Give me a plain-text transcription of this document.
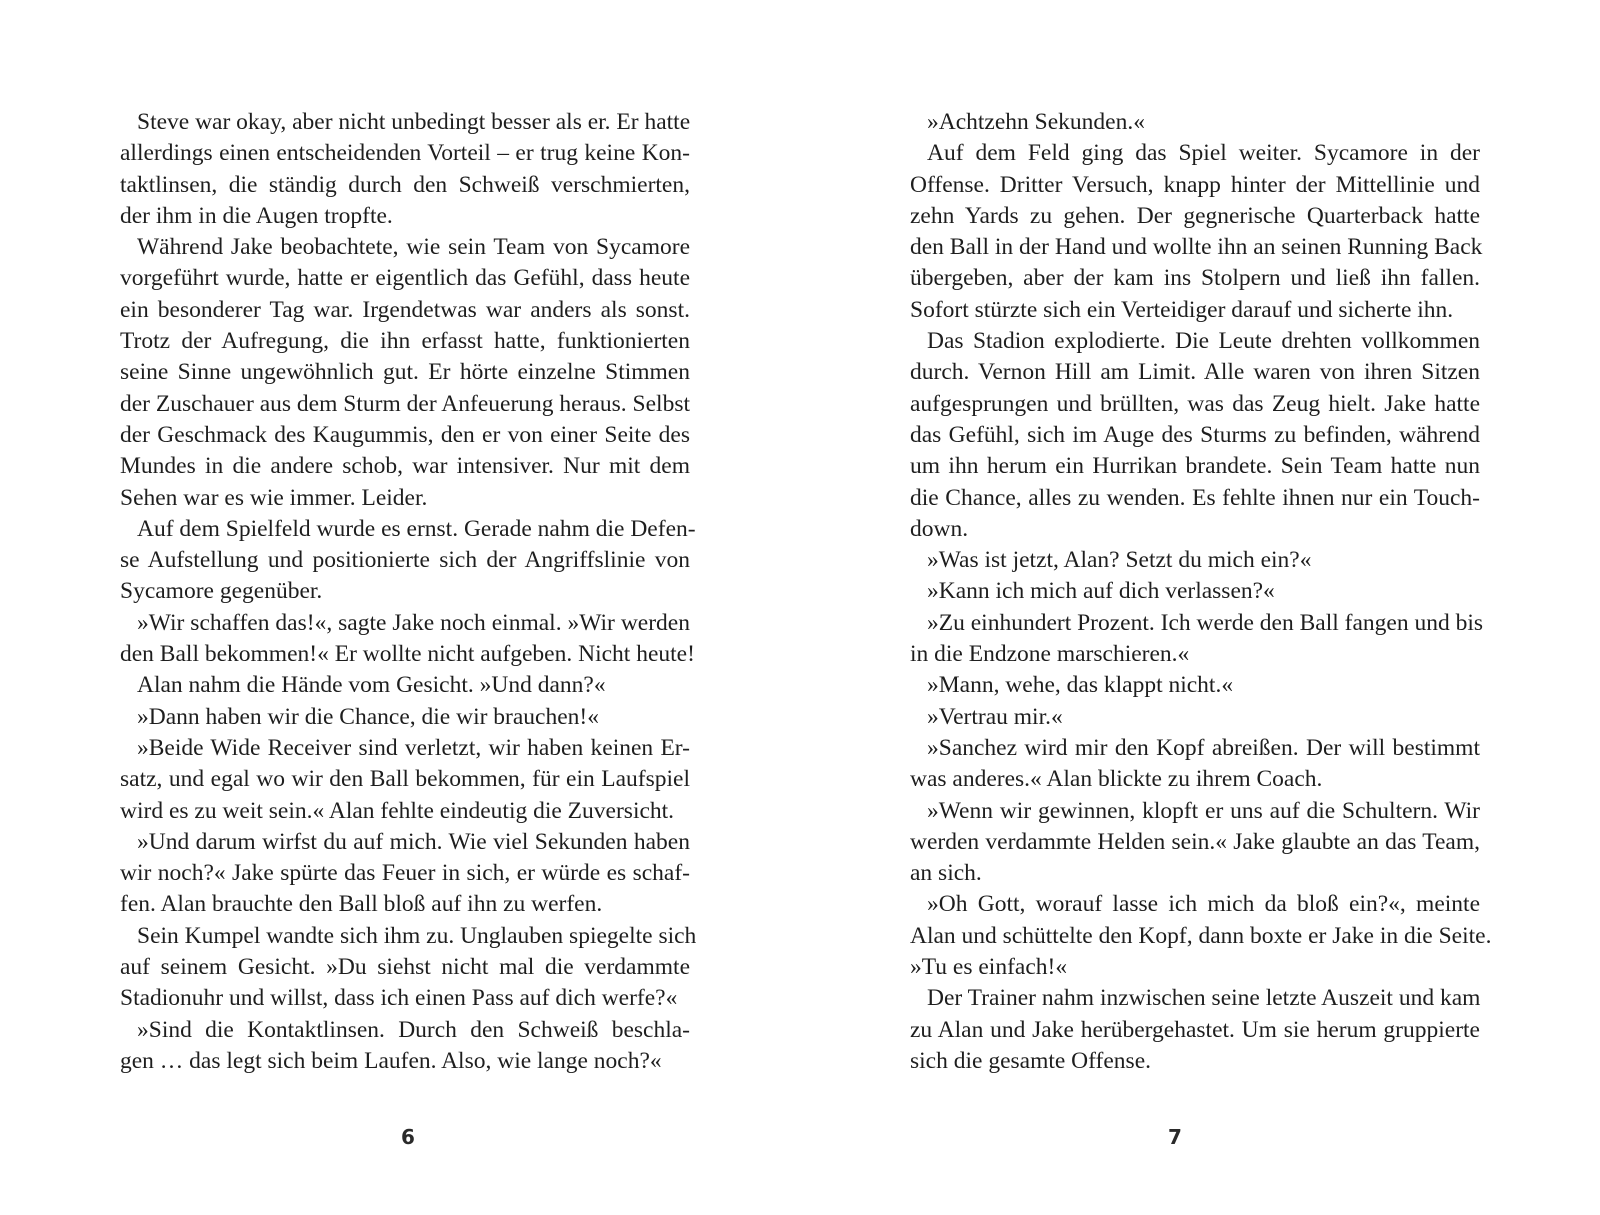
Steve war okay, aber nicht unbedingt besser als er. Er hatte
allerdings einen entscheidenden Vorteil – er trug keine Kon-
taktlinsen, die ständig durch den Schweiß verschmierten,
der ihm in die Augen tropfte.
Während Jake beobachtete, wie sein Team von Sycamore
vorgeführt wurde, hatte er eigentlich das Gefühl, dass heute
ein besonderer Tag war. Irgendetwas war anders als sonst.
Trotz der Aufregung, die ihn erfasst hatte, funktionierten
seine Sinne ungewöhnlich gut. Er hörte einzelne Stimmen
der Zuschauer aus dem Sturm der Anfeuerung heraus. Selbst
der Geschmack des Kaugummis, den er von einer Seite des
Mundes in die andere schob, war intensiver. Nur mit dem
Sehen war es wie immer. Leider.
Auf dem Spielfeld wurde es ernst. Gerade nahm die Defen-
se Aufstellung und positionierte sich der Angriffslinie von
Sycamore gegenüber.
»Wir schaffen das!«, sagte Jake noch einmal. »Wir werden
den Ball bekommen!« Er wollte nicht aufgeben. Nicht heute!
Alan nahm die Hände vom Gesicht. »Und dann?«
»Dann haben wir die Chance, die wir brauchen!«
»Beide Wide Receiver sind verletzt, wir haben keinen Er-
satz, und egal wo wir den Ball bekommen, für ein Laufspiel
wird es zu weit sein.« Alan fehlte eindeutig die Zuversicht.
»Und darum wirfst du auf mich. Wie viel Sekunden haben
wir noch?« Jake spürte das Feuer in sich, er würde es schaf-
fen. Alan brauchte den Ball bloß auf ihn zu werfen.
Sein Kumpel wandte sich ihm zu. Unglauben spiegelte sich
auf seinem Gesicht. »Du siehst nicht mal die verdammte
Stadionuhr und willst, dass ich einen Pass auf dich werfe?«
»Sind die Kontaktlinsen. Durch den Schweiß beschla-
gen … das legt sich beim Laufen. Also, wie lange noch?«
6
»Achtzehn Sekunden.«
Auf dem Feld ging das Spiel weiter. Sycamore in der
Offense. Dritter Versuch, knapp hinter der Mittellinie und
zehn Yards zu gehen. Der gegnerische Quarterback hatte
den Ball in der Hand und wollte ihn an seinen Running Back
übergeben, aber der kam ins Stolpern und ließ ihn fallen.
Sofort stürzte sich ein Verteidiger darauf und sicherte ihn.
Das Stadion explodierte. Die Leute drehten vollkommen
durch. Vernon Hill am Limit. Alle waren von ihren Sitzen
aufgesprungen und brüllten, was das Zeug hielt. Jake hatte
das Gefühl, sich im Auge des Sturms zu befinden, während
um ihn herum ein Hurrikan brandete. Sein Team hatte nun
die Chance, alles zu wenden. Es fehlte ihnen nur ein Touch-
down.
»Was ist jetzt, Alan? Setzt du mich ein?«
»Kann ich mich auf dich verlassen?«
»Zu einhundert Prozent. Ich werde den Ball fangen und bis
in die Endzone marschieren.«
»Mann, wehe, das klappt nicht.«
»Vertrau mir.«
»Sanchez wird mir den Kopf abreißen. Der will bestimmt
was anderes.« Alan blickte zu ihrem Coach.
»Wenn wir gewinnen, klopft er uns auf die Schultern. Wir
werden verdammte Helden sein.« Jake glaubte an das Team,
an sich.
»Oh Gott, worauf lasse ich mich da bloß ein?«, meinte
Alan und schüttelte den Kopf, dann boxte er Jake in die Seite.
»Tu es einfach!«
Der Trainer nahm inzwischen seine letzte Auszeit und kam
zu Alan und Jake herübergehastet. Um sie herum gruppierte
sich die gesamte Offense.
7
